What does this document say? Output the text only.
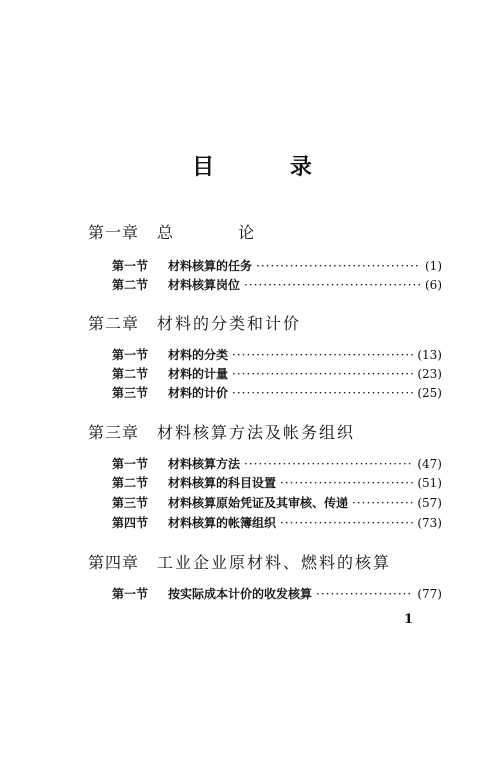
目 录
第一章 总 论
第一节	材料核算的任务 ·····	(1)
第二节	材料核算岗位 ·····	(6)
第二章 材料的分类和计价
第一节	材料的分类 ·····	(13)
第二节	材料的计量 ·····	(23)
第三节	材料的计价 ·····	(25)
第三章 材料核算方法及帐务组织
第一节	材料核算方法 ·····	(47)
第二节	材料核算的科目设置 ·····	(51)
第三节	材料核算原始凭证及其审核、传递 ·····	(57)
第四节	材料核算的帐簿组织 ·····	(73)
第四章 工业企业原材料、燃料的核算
第一节	按实际成本计价的收发核算 ·····	(77)
1
